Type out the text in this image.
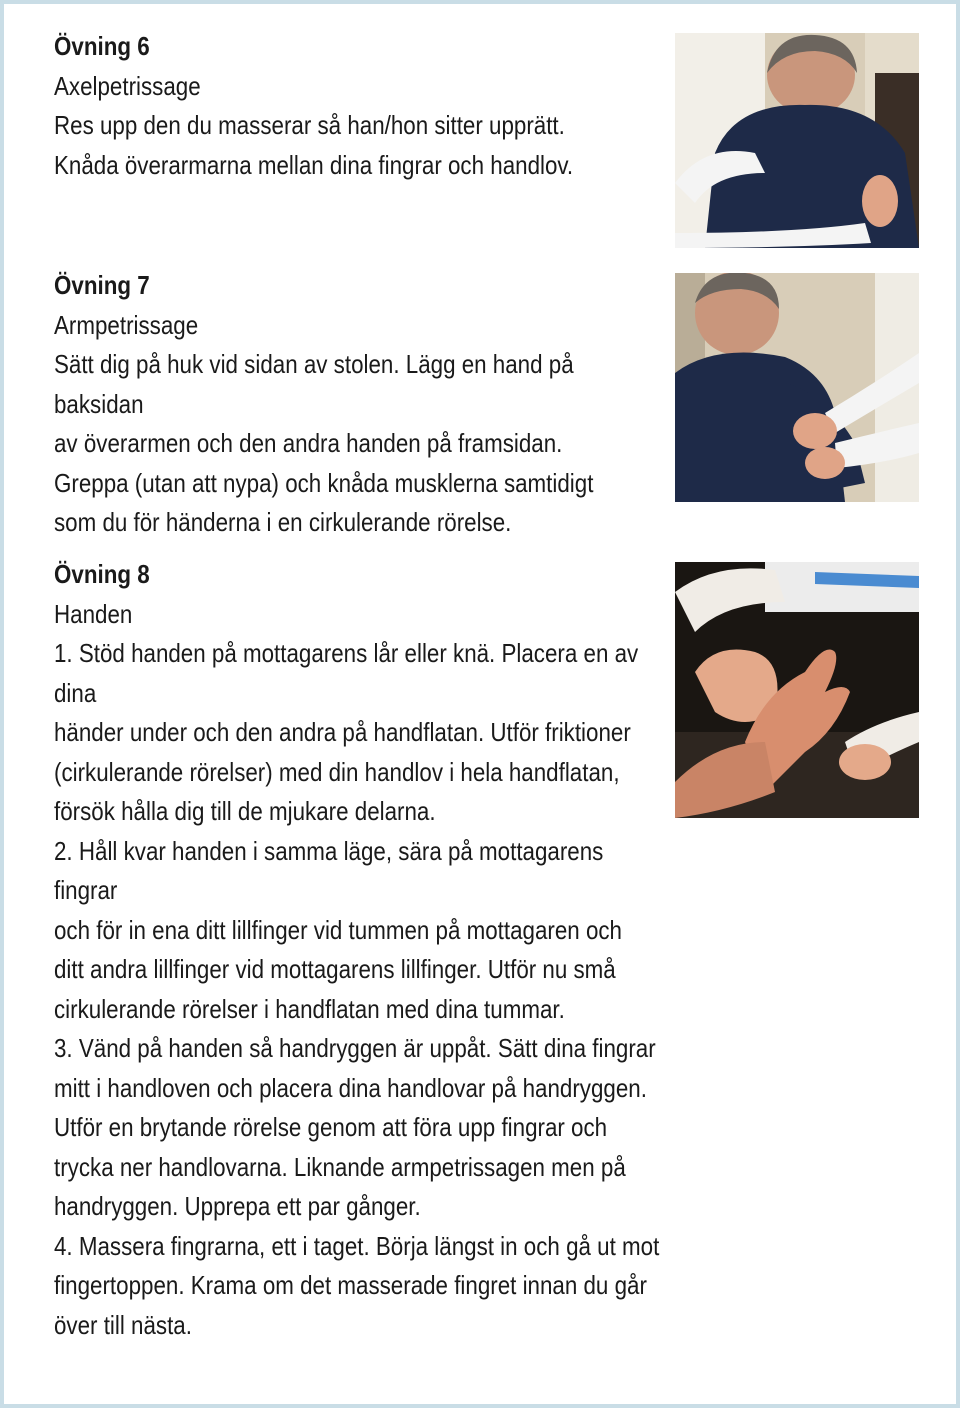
Övning 6

Axelpetrissage

Res upp den du masserar så han/hon sitter upprätt.

Knåda överarmarna mellan dina fingrar och handlov.

Övning 7

Armpetrissage

Sätt dig på huk vid sidan av stolen. Lägg en hand på baksidan

av överarmen och den andra handen på framsidan.

Greppa (utan att nypa) och knåda musklerna samtidigt

som du för händerna i en cirkulerande rörelse.

Övning 8

Handen

1. Stöd handen på mottagarens lår eller knä. Placera en av dina

händer under och den andra på handflatan. Utför friktioner

(cirkulerande rörelser) med din handlov i hela handflatan,

försök hålla dig till de mjukare delarna.

2. Håll kvar handen i samma läge, sära på mottagarens fingrar

och för in ena ditt lillfinger vid tummen på mottagaren och

ditt andra lillfinger vid mottagarens lillfinger. Utför nu små

cirkulerande rörelser i handflatan med dina tummar.

3. Vänd på handen så handryggen är uppåt. Sätt dina fingrar

mitt i handloven och placera dina handlovar på handryggen.

Utför en brytande rörelse genom att föra upp fingrar och

trycka ner handlovarna. Liknande armpetrissagen men på

handryggen. Upprepa ett par gånger.

4. Massera fingrarna, ett i taget. Börja längst in och gå ut mot

fingertoppen. Krama om det masserade fingret innan du går

över till nästa.
